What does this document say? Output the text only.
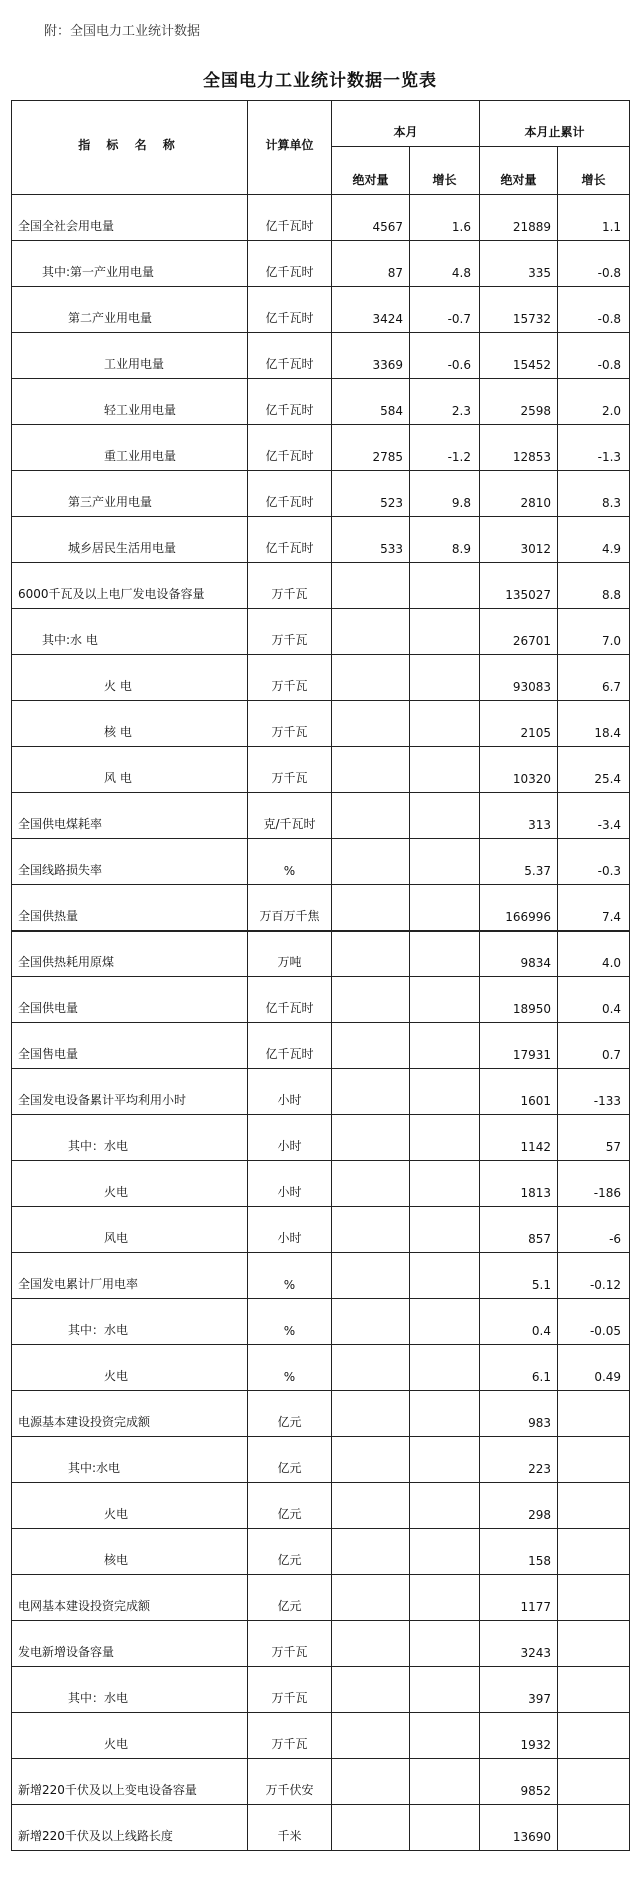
附：全国电力工业统计数据
全国电力工业统计数据一览表
指 标 名 称	计算单位	本月		本月止累计	
		绝对量	增长	绝对量	增长
全国全社会用电量	亿千瓦时	4567	1.6	21889	1.1
其中:第一产业用电量	亿千瓦时	87	4.8	335	-0.8
第二产业用电量	亿千瓦时	3424	-0.7	15732	-0.8
工业用电量	亿千瓦时	3369	-0.6	15452	-0.8
轻工业用电量	亿千瓦时	584	2.3	2598	2.0
重工业用电量	亿千瓦时	2785	-1.2	12853	-1.3
第三产业用电量	亿千瓦时	523	9.8	2810	8.3
城乡居民生活用电量	亿千瓦时	533	8.9	3012	4.9
6000千瓦及以上电厂发电设备容量	万千瓦			135027	8.8
其中:水 电	万千瓦			26701	7.0
火 电	万千瓦			93083	6.7
核 电	万千瓦			2105	18.4
风 电	万千瓦			10320	25.4
全国供电煤耗率	克/千瓦时			313	-3.4
全国线路损失率	%			5.37	-0.3
全国供热量	万百万千焦			166996	7.4
全国供热耗用原煤	万吨			9834	4.0
全国供电量	亿千瓦时			18950	0.4
全国售电量	亿千瓦时			17931	0.7
全国发电设备累计平均利用小时	小时			1601	-133
其中：水电	小时			1142	57
火电	小时			1813	-186
风电	小时			857	-6
全国发电累计厂用电率	%			5.1	-0.12
其中：水电	%			0.4	-0.05
火电	%			6.1	0.49
电源基本建设投资完成额	亿元			983	
其中:水电	亿元			223	
火电	亿元			298	
核电	亿元			158	
电网基本建设投资完成额	亿元			1177	
发电新增设备容量	万千瓦			3243	
其中：水电	万千瓦			397	
火电	万千瓦			1932	
新增220千伏及以上变电设备容量	万千伏安			9852	
新增220千伏及以上线路长度	千米			13690	
